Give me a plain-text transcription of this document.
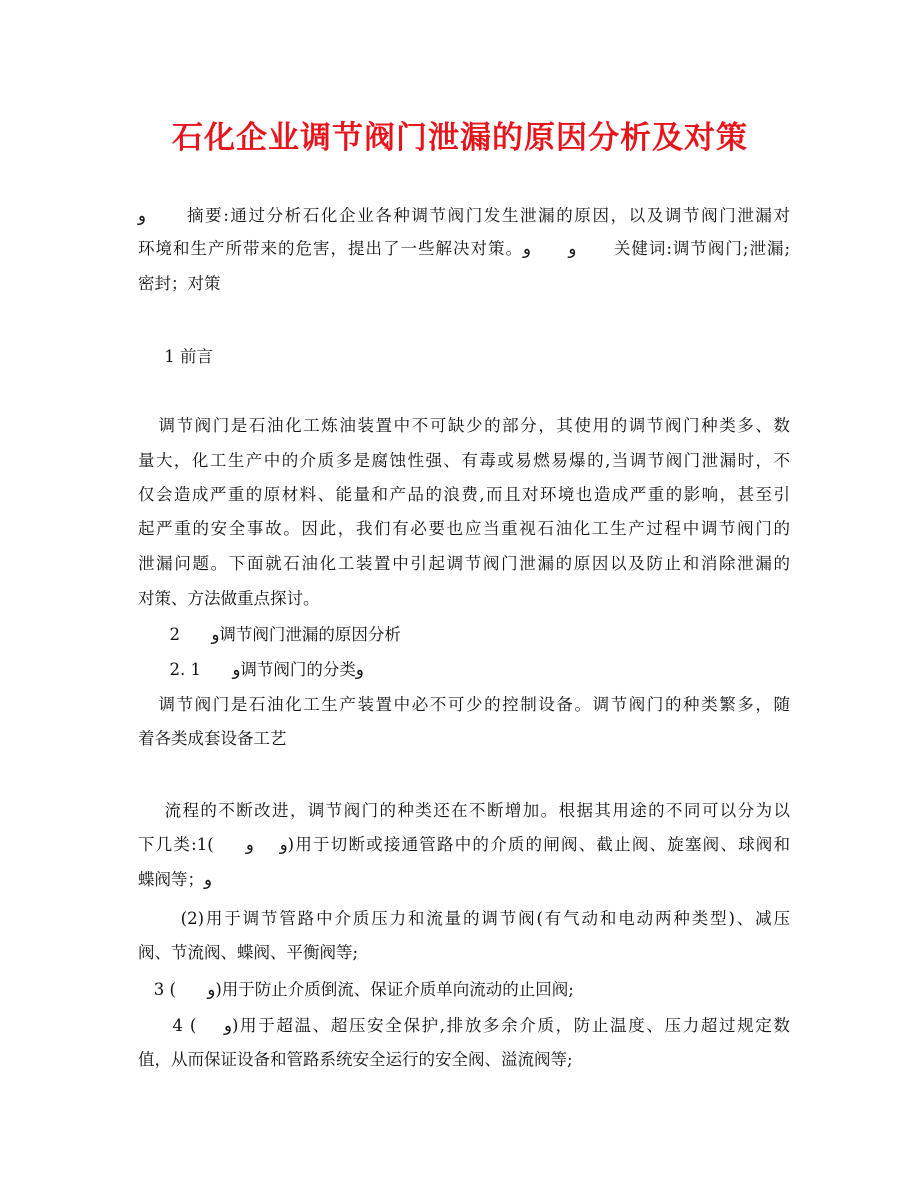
石化企业调节阀门泄漏的原因分析及对策
و      摘要:通过分析石化企业各种调节阀门发生泄漏的原因，以及调节阀门泄漏对
环境和生产所带来的危害，提出了一些解决对策。و      و      关健词:调节阀门;泄漏;
密封；对策
1 前言
调节阀门是石油化工炼油装置中不可缺少的部分，其使用的调节阀门种类多、数
量大，化工生产中的介质多是腐蚀性强、有毒或易燃易爆的,当调节阀门泄漏时，不
仅会造成严重的原材料、能量和产品的浪费,而且对环境也造成严重的影响，甚至引
起严重的安全事故。因此，我们有必要也应当重视石油化工生产过程中调节阀门的
泄漏问题。下面就石油化工装置中引起调节阀门泄漏的原因以及防止和消除泄漏的
对策、方法做重点探讨。
2      و调节阀门泄漏的原因分析
2. 1      و调节阀门的分类و
调节阀门是石油化工生产装置中必不可少的控制设备。调节阀门的种类繁多，随
着各类成套设备工艺
流程的不断改进，调节阀门的种类还在不断增加。根据其用途的不同可以分为以
下几类:1(     و    و)用于切断或接通管路中的介质的闸阀、截止阀、旋塞阀、球阀和
蝶阀等；و
(2)用于调节管路中介质压力和流量的调节阀(有气动和电动两种类型)、减压
阀、节流阀、蝶阀、平衡阀等;
3 (      و)用于防止介质倒流、保证介质单向流动的止回阀;
4 (    و)用于超温、超压安全保护,排放多余介质，防止温度、压力超过规定数
值，从而保证设备和管路系统安全运行的安全阀、溢流阀等;
